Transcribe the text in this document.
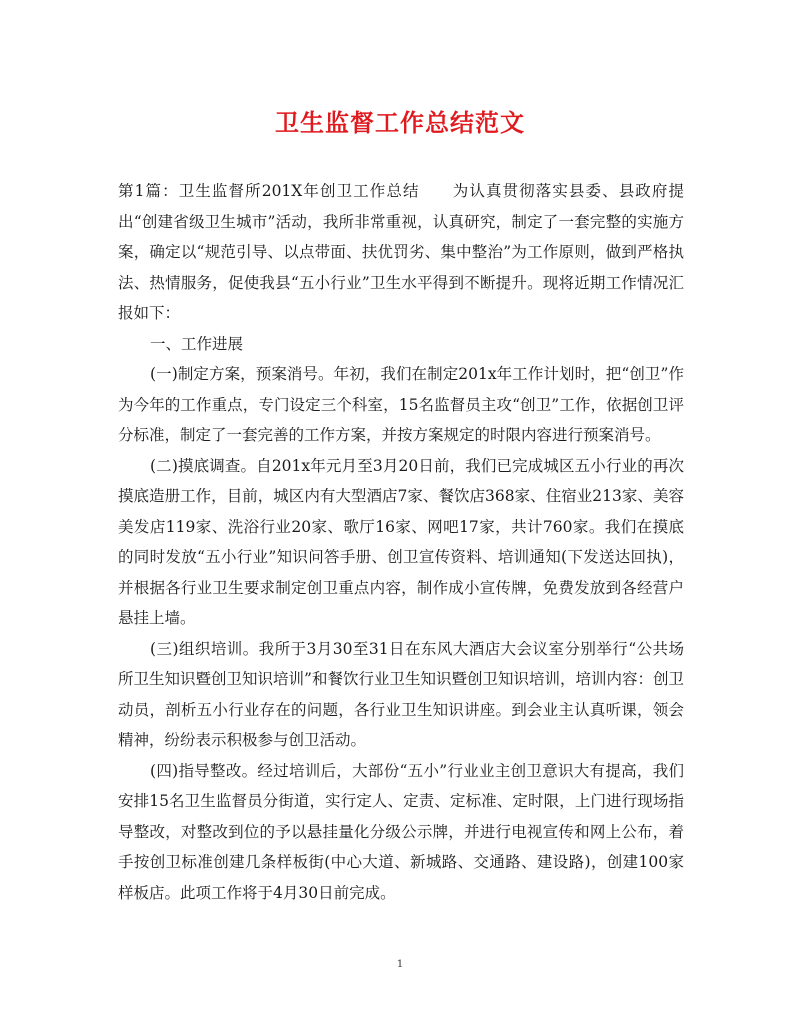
卫生监督工作总结范文

第1篇：卫生监督所201X年创卫工作总结　　为认真贯彻落实县委、县政府提出“创建省级卫生城市”活动，我所非常重视，认真研究，制定了一套完整的实施方案，确定以“规范引导、以点带面、扶优罚劣、集中整治”为工作原则，做到严格执法、热情服务，促使我县“五小行业”卫生水平得到不断提升。现将近期工作情况汇报如下：

一、工作进展

(一)制定方案，预案消号。年初，我们在制定201x年工作计划时，把“创卫”作为今年的工作重点，专门设定三个科室，15名监督员主攻“创卫”工作，依据创卫评分标准，制定了一套完善的工作方案，并按方案规定的时限内容进行预案消号。

(二)摸底调查。自201x年元月至3月20日前，我们已完成城区五小行业的再次摸底造册工作，目前，城区内有大型酒店7家、餐饮店368家、住宿业213家、美容美发店119家、洗浴行业20家、歌厅16家、网吧17家，共计760家。我们在摸底的同时发放“五小行业”知识问答手册、创卫宣传资料、培训通知(下发送达回执)，并根据各行业卫生要求制定创卫重点内容，制作成小宣传牌，免费发放到各经营户悬挂上墙。

(三)组织培训。我所于3月30至31日在东风大酒店大会议室分别举行“公共场所卫生知识暨创卫知识培训”和餐饮行业卫生知识暨创卫知识培训，培训内容：创卫动员，剖析五小行业存在的问题，各行业卫生知识讲座。到会业主认真听课，领会精神，纷纷表示积极参与创卫活动。

(四)指导整改。经过培训后，大部份“五小”行业业主创卫意识大有提高，我们安排15名卫生监督员分街道，实行定人、定责、定标准、定时限，上门进行现场指导整改，对整改到位的予以悬挂量化分级公示牌，并进行电视宣传和网上公布，着手按创卫标准创建几条样板街(中心大道、新城路、交通路、建设路)，创建100家样板店。此项工作将于4月30日前完成。

1
